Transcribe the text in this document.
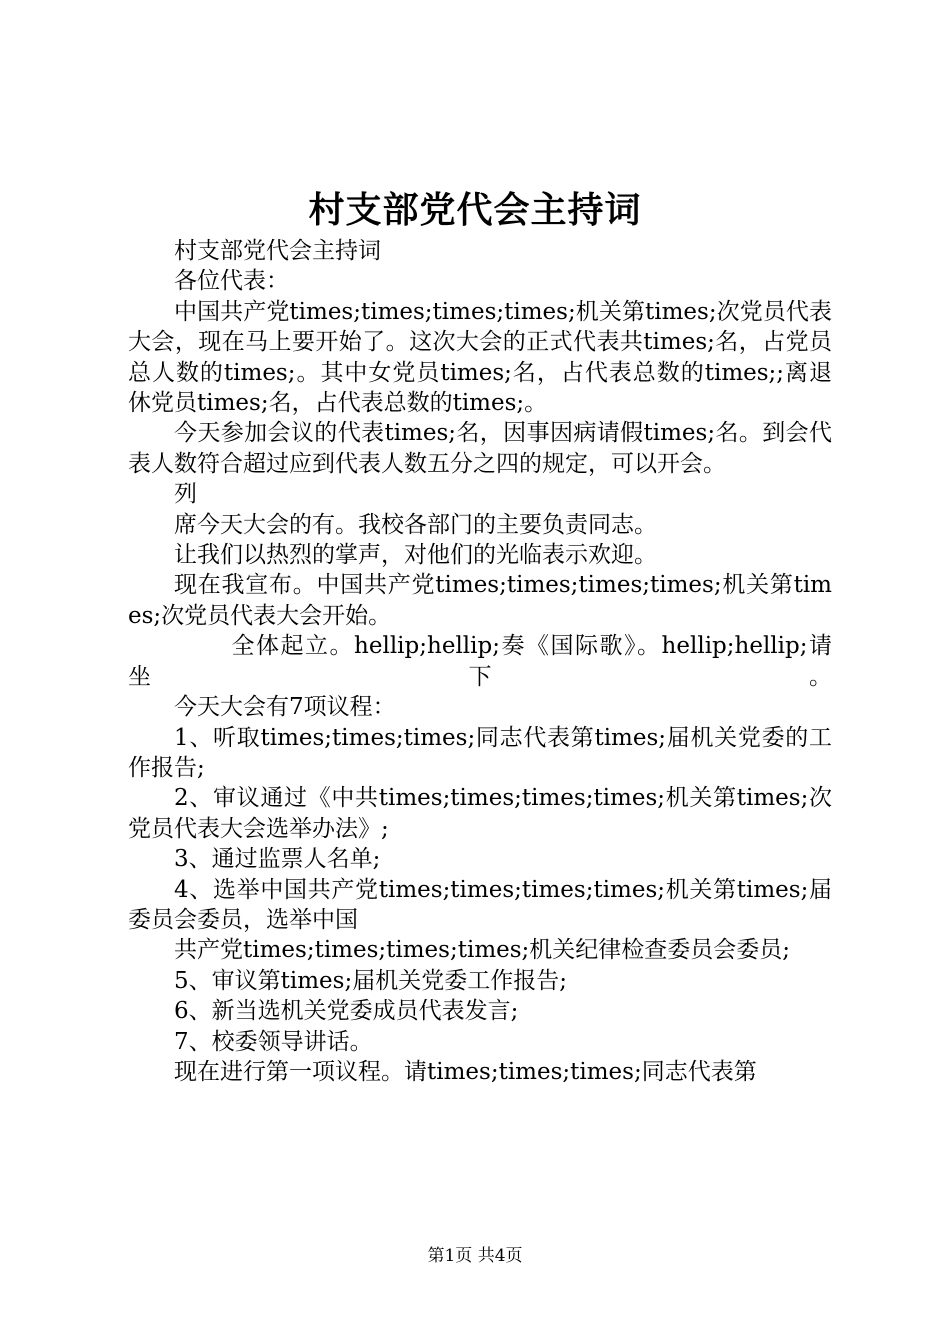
村支部党代会主持词

村支部党代会主持词

各位代表：

中国共产党times;times;times;times;机关第times;次党员代表大会，现在马上要开始了。这次大会的正式代表共times;名，占党员总人数的times;。其中女党员times;名，占代表总数的times;;离退休党员times;名，占代表总数的times;。

今天参加会议的代表times;名，因事因病请假times;名。到会代表人数符合超过应到代表人数五分之四的规定，可以开会。

列

席今天大会的有。我校各部门的主要负责同志。

让我们以热烈的掌声，对他们的光临表示欢迎。

现在我宣布。中国共产党times;times;times;times;机关第times;次党员代表大会开始。

全体起立。hellip;hellip;奏《国际歌》。hellip;hellip;请坐下。

今天大会有7项议程：

1、听取times;times;times;同志代表第times;届机关党委的工作报告;

2、审议通过《中共times;times;times;times;机关第times;次党员代表大会选举办法》;

3、通过监票人名单;

4、选举中国共产党times;times;times;times;机关第times;届委员会委员，选举中国

共产党times;times;times;times;机关纪律检查委员会委员;

5、审议第times;届机关党委工作报告;

6、新当选机关党委成员代表发言;

7、校委领导讲话。

现在进行第一项议程。请times;times;times;同志代表第

第1页 共4页
